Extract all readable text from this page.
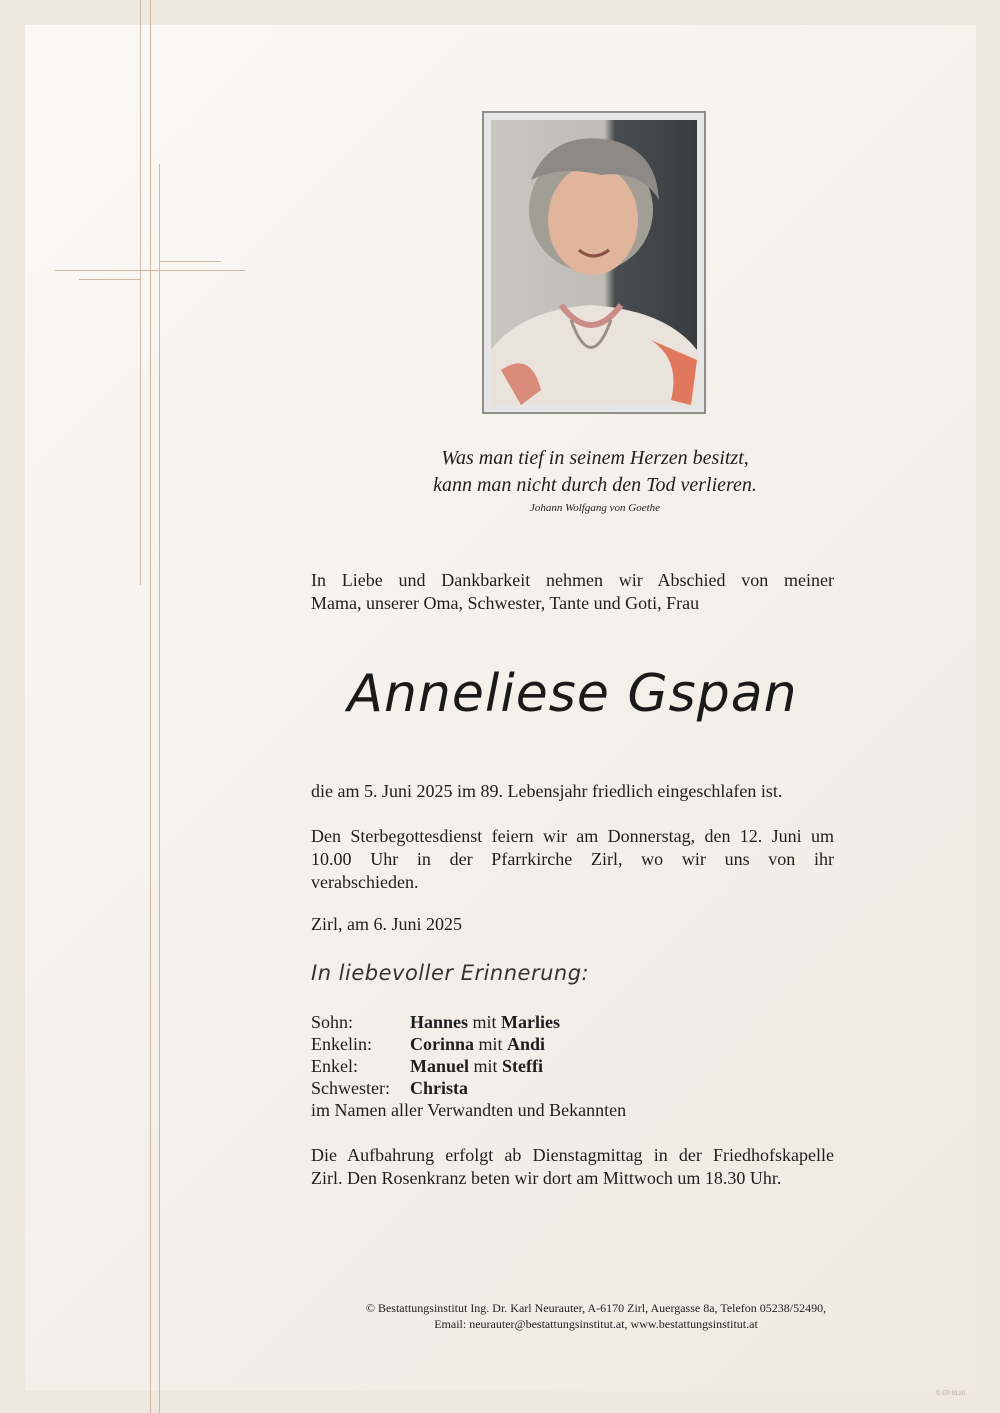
Was man tief in seinem Herzen besitzt,
kann man nicht durch den Tod verlieren.
Johann Wolfgang von Goethe
In Liebe und Dankbarkeit nehmen wir Abschied von meiner
Mama, unserer Oma, Schwester, Tante und Goti, Frau
Anneliese Gspan
die am 5. Juni 2025 im 89. Lebensjahr friedlich eingeschlafen ist.
Den Sterbegottesdienst feiern wir am Donnerstag, den 12. Juni um
10.00 Uhr in der Pfarrkirche Zirl, wo wir uns von ihr
verabschieden.
Zirl, am 6. Juni 2025
In liebevoller Erinnerung:
Sohn:	Hannes mit Marlies
Enkelin: Corinna mit Andi
Enkel:	Manuel mit Steffi
Schwester: Christa
im Namen aller Verwandten und Bekannten
Die Aufbahrung erfolgt ab Dienstagmittag in der Friedhofskapelle
Zirl. Den Rosenkranz beten wir dort am Mittwoch um 18.30 Uhr.
© Bestattungsinstitut Ing. Dr. Karl Neurauter, A-6170 Zirl, Auergasse 8a, Telefon 05238/52490,
Email: neurauter@bestattungsinstitut.at, www.bestattungsinstitut.at
© EP 9120
